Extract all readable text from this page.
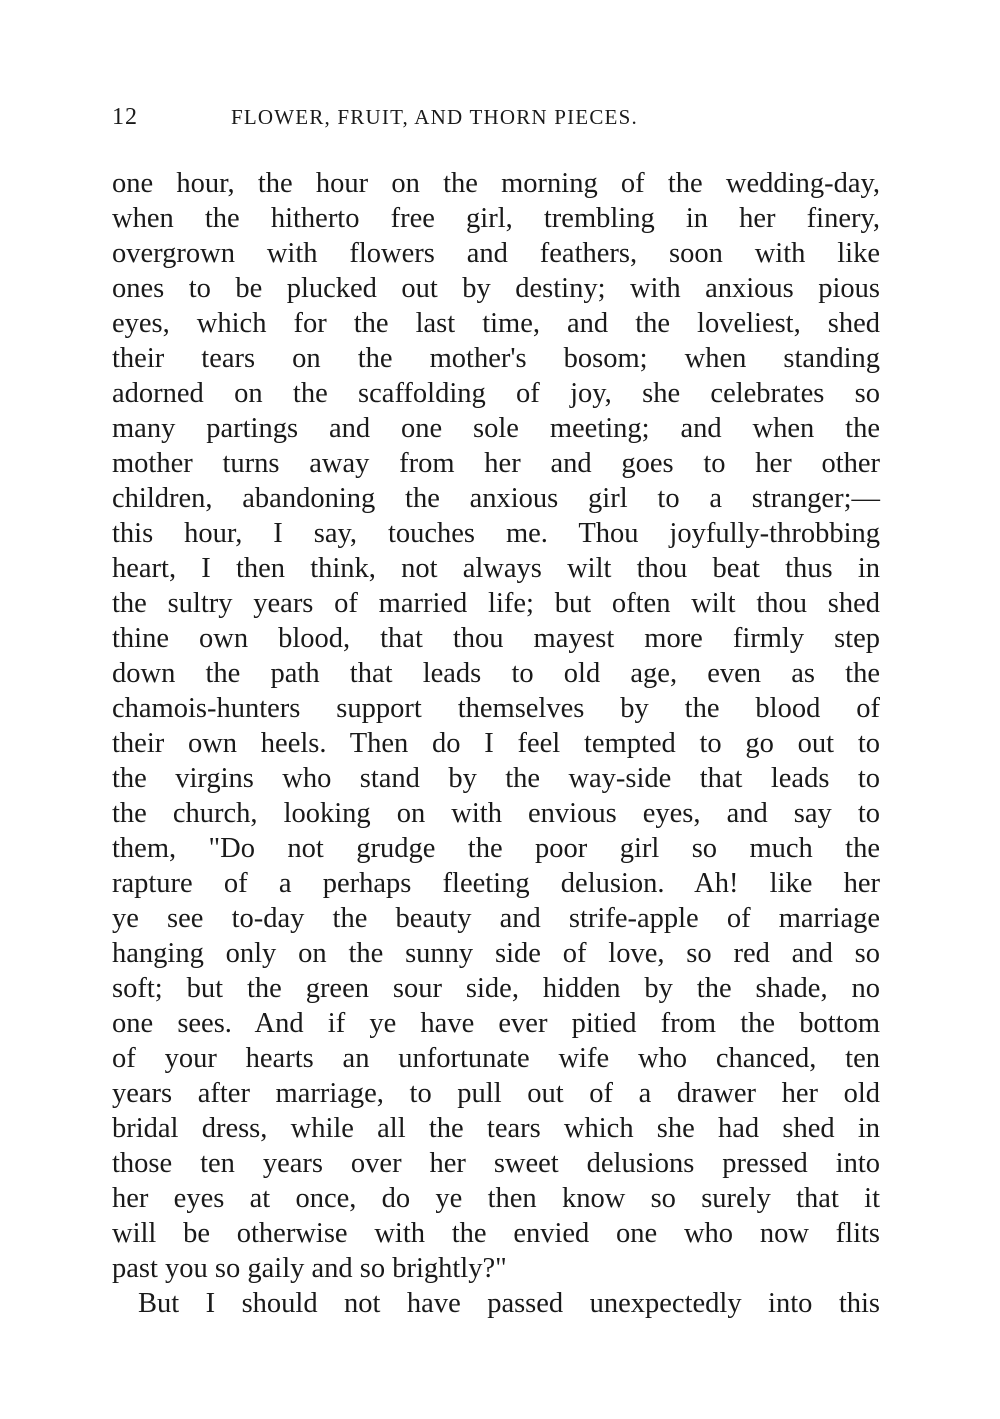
12	FLOWER, FRUIT, AND THORN PIECES.
one hour, the hour on the morning of the wedding-day,
when the hitherto free girl, trembling in her finery,
overgrown with flowers and feathers, soon with like
ones to be plucked out by destiny; with anxious pious
eyes, which for the last time, and the loveliest, shed
their tears on the mother's bosom; when standing
adorned on the scaffolding of joy, she celebrates so
many partings and one sole meeting; and when the
mother turns away from her and goes to her other
children, abandoning the anxious girl to a stranger;—
this hour, I say, touches me. Thou joyfully-throbbing
heart, I then think, not always wilt thou beat thus in
the sultry years of married life; but often wilt thou shed
thine own blood, that thou mayest more firmly step
down the path that leads to old age, even as the
chamois-hunters support themselves by the blood of
their own heels. Then do I feel tempted to go out to
the virgins who stand by the way-side that leads to
the church, looking on with envious eyes, and say to
them, "Do not grudge the poor girl so much the
rapture of a perhaps fleeting delusion. Ah! like her
ye see to-day the beauty and strife-apple of marriage
hanging only on the sunny side of love, so red and so
soft; but the green sour side, hidden by the shade, no
one sees. And if ye have ever pitied from the bottom
of your hearts an unfortunate wife who chanced, ten
years after marriage, to pull out of a drawer her old
bridal dress, while all the tears which she had shed in
those ten years over her sweet delusions pressed into
her eyes at once, do ye then know so surely that it
will be otherwise with the envied one who now flits
past you so gaily and so brightly?"
But I should not have passed unexpectedly into this
